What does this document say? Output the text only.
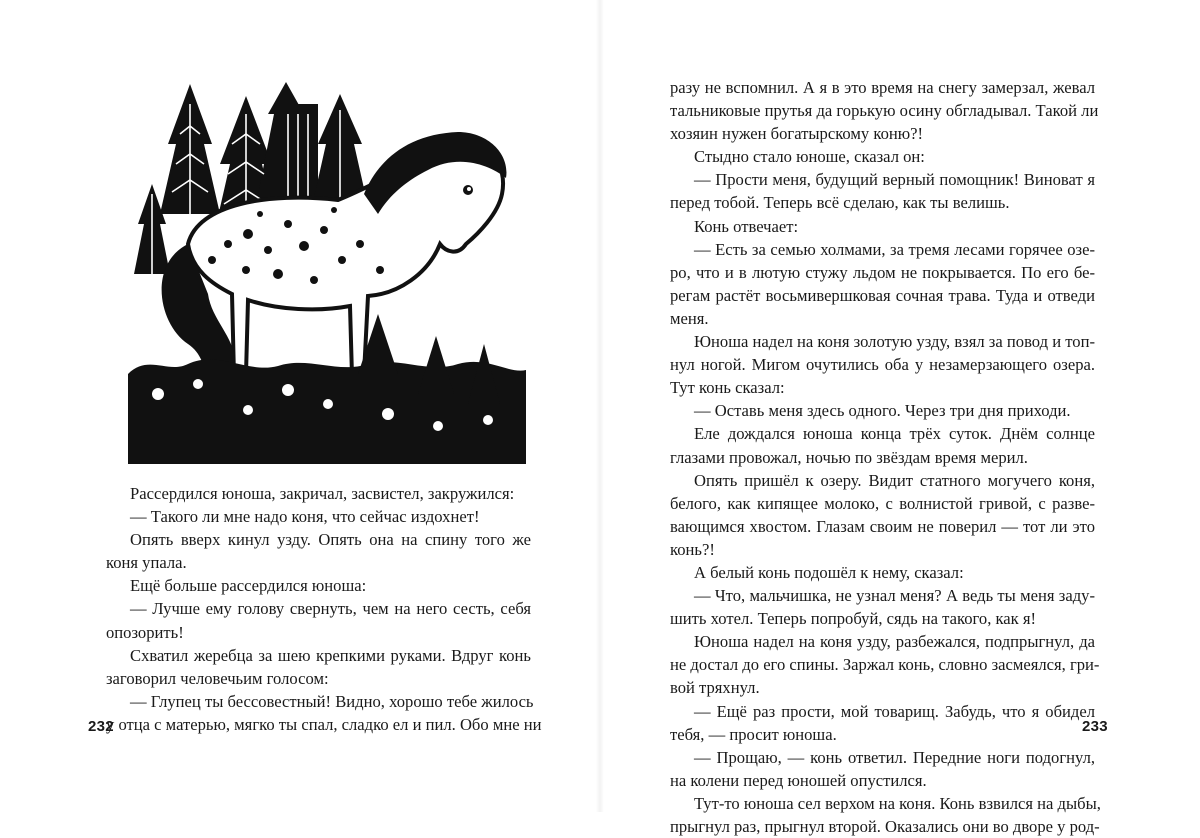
Рассердился юноша, закричал, засвистел, закружился:
— Такого ли мне надо коня, что сейчас издохнет!
Опять вверх кинул узду. Опять она на спину того же
коня упала.
Ещё больше рассердился юноша:
— Лучше ему голову свернуть, чем на него сесть, себя
опозорить!
Схватил жеребца за шею крепкими руками. Вдруг конь
заговорил человечьим голосом:
— Глупец ты бессовестный! Видно, хорошо тебе жилось
у отца с матерью, мягко ты спал, сладко ел и пил. Обо мне ни
232
разу не вспомнил. А я в это время на снегу замерзал, жевал
тальниковые прутья да горькую осину обгладывал. Такой ли
хозяин нужен богатырскому коню?!
Стыдно стало юноше, сказал он:
— Прости меня, будущий верный помощник! Виноват я
перед тобой. Теперь всё сделаю, как ты велишь.
Конь отвечает:
— Есть за семью холмами, за тремя лесами горячее озе-
ро, что и в лютую стужу льдом не покрывается. По его бе-
регам растёт восьмивершковая сочная трава. Туда и отведи
меня.
Юноша надел на коня золотую узду, взял за повод и топ-
нул ногой. Мигом очутились оба у незамерзающего озера.
Тут конь сказал:
— Оставь меня здесь одного. Через три дня приходи.
Еле дождался юноша конца трёх суток. Днём солнце
глазами провожал, ночью по звёздам время мерил.
Опять пришёл к озеру. Видит статного могучего коня,
белого, как кипящее молоко, с волнистой гривой, с разве-
вающимся хвостом. Глазам своим не поверил — тот ли это
конь?!
А белый конь подошёл к нему, сказал:
— Что, мальчишка, не узнал меня? А ведь ты меня заду-
шить хотел. Теперь попробуй, сядь на такого, как я!
Юноша надел на коня узду, разбежался, подпрыгнул, да
не достал до его спины. Заржал конь, словно засмеялся, гри-
вой тряхнул.
— Ещё раз прости, мой товарищ. Забудь, что я обидел
тебя, — просит юноша.
— Прощаю, — конь ответил. Передние ноги подогнул,
на колени перед юношей опустился.
Тут-то юноша сел верхом на коня. Конь взвился на дыбы,
прыгнул раз, прыгнул второй. Оказались они во дворе у род-
233
